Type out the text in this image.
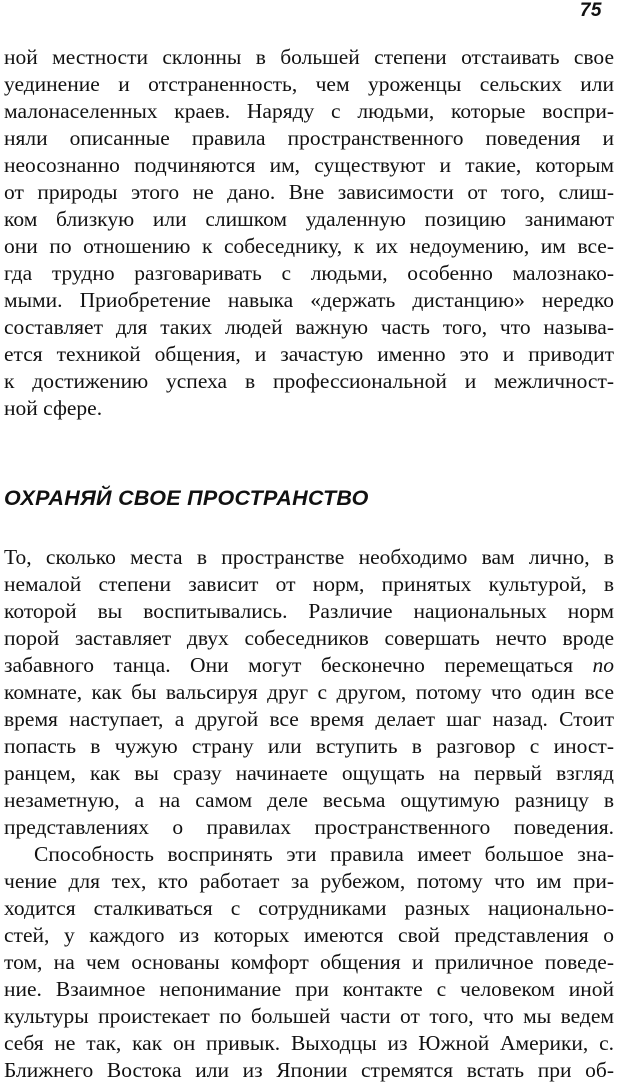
75
ной местности склонны в большей степени отстаивать свое
уединение и отстраненность, чем уроженцы сельских или
малонаселенных краев. Наряду с людьми, которые воспри-
няли описанные правила пространственного поведения и
неосознанно подчиняются им, существуют и такие, которым
от природы этого не дано. Вне зависимости от того, слиш-
ком близкую или слишком удаленную позицию занимают
они по отношению к собеседнику, к их недоумению, им все-
гда трудно разговаривать с людьми, особенно малознако-
мыми. Приобретение навыка «держать дистанцию» нередко
составляет для таких людей важную часть того, что называ-
ется техникой общения, и зачастую именно это и приводит
к достижению успеха в профессиональной и межличност-
ной сфере.
ОХРАНЯЙ СВОЕ ПРОСТРАНСТВО
То, сколько места в пространстве необходимо вам лично, в
немалой степени зависит от норм, принятых культурой, в
которой вы воспитывались. Различие национальных норм
порой заставляет двух собеседников совершать нечто вроде
забавного танца. Они могут бесконечно перемещаться по
комнате, как бы вальсируя друг с другом, потому что один все
время наступает, а другой все время делает шаг назад. Стоит
попасть в чужую страну или вступить в разговор с иност-
ранцем, как вы сразу начинаете ощущать на первый взгляд
незаметную, а на самом деле весьма ощутимую разницу в
представлениях о правилах пространственного поведения.
Способность воспринять эти правила имеет большое зна-
чение для тех, кто работает за рубежом, потому что им при-
ходится сталкиваться с сотрудниками разных национально-
стей, у каждого из которых имеются свой представления о
том, на чем основаны комфорт общения и приличное поведе-
ние. Взаимное непонимание при контакте с человеком иной
культуры проистекает по большей части от того, что мы ведем
себя не так, как он привык. Выходцы из Южной Америки, с.
Ближнего Востока или из Японии стремятся встать при об-
